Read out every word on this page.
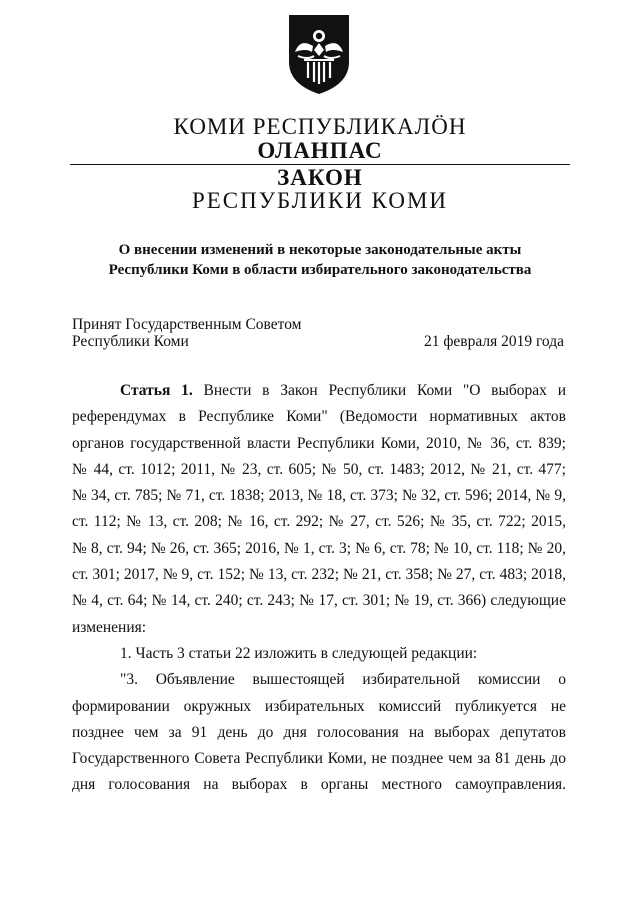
КОМИ РЕСПУБЛИКАЛӦН
ОЛАНПАС
ЗАКОН
РЕСПУБЛИКИ КОМИ
О внесении изменений в некоторые законодательные акты
Республики Коми в области избирательного законодательства
Принят Государственным Советом
Республики Коми	21 февраля 2019 года
Статья 1. Внести в Закон Республики Коми "О выборах и
референдумах в Республике Коми" (Ведомости нормативных актов
органов государственной власти Республики Коми, 2010, № 36, ст. 839;
№ 44, ст. 1012; 2011, № 23, ст. 605; № 50, ст. 1483; 2012, № 21, ст. 477;
№ 34, ст. 785; № 71, ст. 1838; 2013, № 18, ст. 373; № 32, ст. 596; 2014, № 9,
ст. 112; № 13, ст. 208; № 16, ст. 292; № 27, ст. 526; № 35, ст. 722; 2015,
№ 8, ст. 94; № 26, ст. 365; 2016, № 1, ст. 3; № 6, ст. 78; № 10, ст. 118; № 20,
ст. 301; 2017, № 9, ст. 152; № 13, ст. 232; № 21, ст. 358; № 27, ст. 483; 2018,
№ 4, ст. 64; № 14, ст. 240; ст. 243; № 17, ст. 301; № 19, ст. 366) следующие
изменения:
1. Часть 3 статьи 22 изложить в следующей редакции:
"3. Объявление вышестоящей избирательной комиссии о
формировании окружных избирательных комиссий публикуется не
позднее чем за 91 день до дня голосования на выборах депутатов
Государственного Совета Республики Коми, не позднее чем за 81 день до
дня голосования на выборах в органы местного самоуправления.
